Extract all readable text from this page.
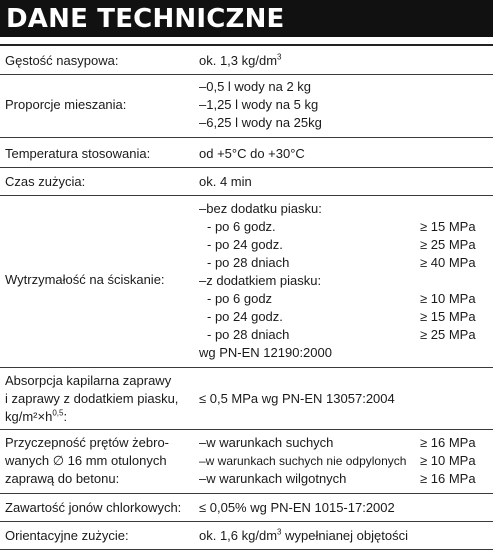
DANE TECHNICZNE
Gęstość nasypowa:	ok. 1,3 $kg/dm^3$
Proporcje mieszania:
–0,5 l wody na 2 kg
–1,25 l wody na 5 kg
–6,25 l wody na 25kg
Temperatura stosowania:	od +5°C do +30°C
Czas zużycia:	ok. 4 min
Wytrzymałość na ściskanie:
–bez dodatku piasku:
- po 6 godz.	≥ 15 MPa
- po 24 godz.	≥ 25 MPa
- po 28 dniach	≥ 40 MPa
–z dodatkiem piasku:
- po 6 godz	≥ 10 MPa
- po 24 godz.	≥ 15 MPa
- po 28 dniach	≥ 25 MPa
wg PN-EN 12190:2000
Absorpcja kapilarna zaprawy
i zaprawy z dodatkiem piasku,
$kg/m^2\times h^{0,5}$:
≤ 0,5 MPa wg PN-EN 13057:2004
Przyczepność prętów żebro-
wanych ∅ 16 mm otulonych
zaprawą do betonu:
–w warunkach suchych	≥ 16 MPa
–w warunkach suchych nie odpylonych ≥ 10 MPa
–w warunkach wilgotnych	≥ 16 MPa
Zawartość jonów chlorkowych: ≤ 0,05% wg PN-EN 1015-17:2002
Orientacyjne zużycie:	ok. 1,6 $kg/dm^3$ wypełnianej objętości
